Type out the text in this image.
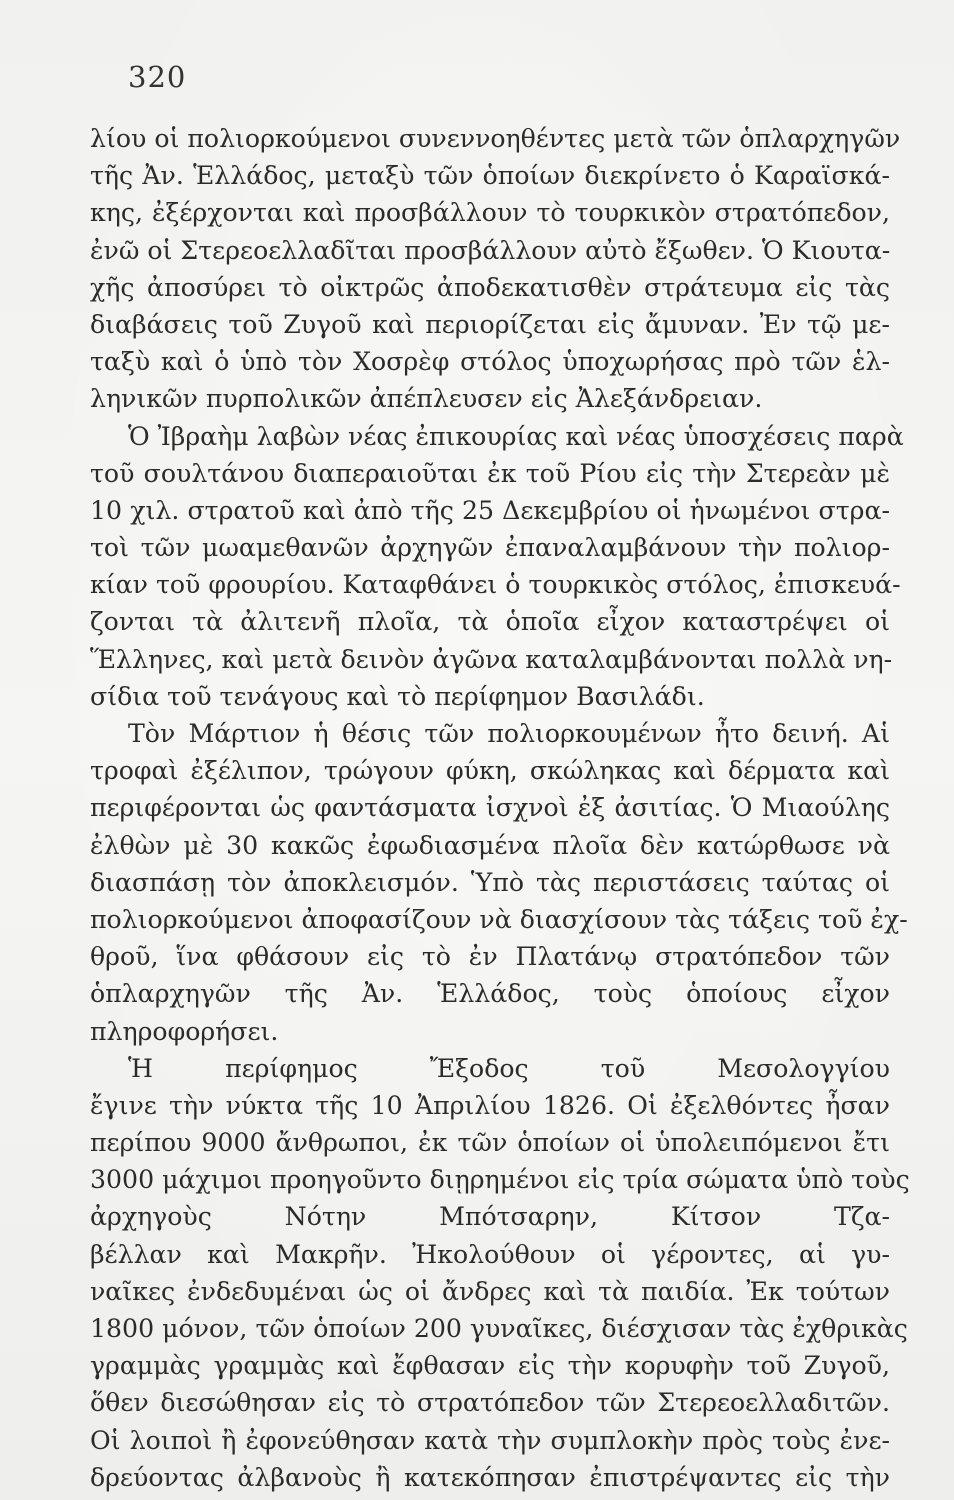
320
λίου οἱ πολιορκούμενοι συνεννοηθέντες μετὰ τῶν ὁπλαρχηγῶν
τῆς Ἀν. Ἑλλάδος, μεταξὺ τῶν ὁποίων διεκρίνετο ὁ Καραϊσκά-
κης, ἐξέρχονται καὶ προσβάλλουν τὸ τουρκικὸν στρατόπεδον,
ἐνῶ οἱ Στερεοελλαδῖται προσβάλλουν αὐτὸ ἔξωθεν. Ὁ Κιουτα-
χῆς ἀποσύρει τὸ οἰκτρῶς ἀποδεκατισθὲν στράτευμα εἰς τὰς
διαβάσεις τοῦ Ζυγοῦ καὶ περιορίζεται εἰς ἄμυναν. Ἐν τῷ με-
ταξὺ καὶ ὁ ὑπὸ τὸν Χοσρὲφ στόλος ὑποχωρήσας πρὸ τῶν ἑλ-
ληνικῶν πυρπολικῶν ἀπέπλευσεν εἰς Ἀλεξάνδρειαν.
Ὁ Ἰβραὴμ λαβὼν νέας ἐπικουρίας καὶ νέας ὑποσχέσεις παρὰ
τοῦ σουλτάνου διαπεραιοῦται ἐκ τοῦ Ρίου εἰς τὴν Στερεὰν μὲ
10 χιλ. στρατοῦ καὶ ἀπὸ τῆς 25 Δεκεμβρίου οἱ ἡνωμένοι στρα-
τοὶ τῶν μωαμεθανῶν ἀρχηγῶν ἐπαναλαμβάνουν τὴν πολιορ-
κίαν τοῦ φρουρίου. Καταφθάνει ὁ τουρκικὸς στόλος, ἐπισκευά-
ζονται τὰ ἀλιτενῆ πλοῖα, τὰ ὁποῖα εἶχον καταστρέψει οἱ
Ἕλληνες, καὶ μετὰ δεινὸν ἀγῶνα καταλαμβάνονται πολλὰ νη-
σίδια τοῦ τενάγους καὶ τὸ περίφημον Βασιλάδι.
Τὸν Μάρτιον ἡ θέσις τῶν πολιορκουμένων ἦτο δεινή. Αἱ
τροφαὶ ἐξέλιπον, τρώγουν φύκη, σκώληκας καὶ δέρματα καὶ
περιφέρονται ὡς φαντάσματα ἰσχνοὶ ἐξ ἀσιτίας. Ὁ Μιαούλης
ἐλθὼν μὲ 30 κακῶς ἐφωδιασμένα πλοῖα δὲν κατώρθωσε νὰ
διασπάσῃ τὸν ἀποκλεισμόν. Ὑπὸ τὰς περιστάσεις ταύτας οἱ
πολιορκούμενοι ἀποφασίζουν νὰ διασχίσουν τὰς τάξεις τοῦ ἐχ-
θροῦ, ἵνα φθάσουν εἰς τὸ ἐν Πλατάνῳ στρατόπεδον τῶν
ὁπλαρχηγῶν τῆς Ἀν. Ἑλλάδος, τοὺς ὁποίους εἶχον
πληροφορήσει.
Ἡ περίφημος Ἔξοδος τοῦ Μεσολογγίου
ἔγινε τὴν νύκτα τῆς 10 Ἀπριλίου 1826. Οἱ ἐξελθόντες ἦσαν
περίπου 9000 ἄνθρωποι, ἐκ τῶν ὁποίων οἱ ὑπολειπόμενοι ἔτι
3000 μάχιμοι προηγοῦντο διῃρημένοι εἰς τρία σώματα ὑπὸ τοὺς
ἀρχηγοὺς Νότην Μπότσαρην, Κίτσον Τζα-
βέλλαν καὶ Μακρῆν. Ἠκολούθουν οἱ γέροντες, αἱ γυ-
ναῖκες ἐνδεδυμέναι ὡς οἱ ἄνδρες καὶ τὰ παιδία. Ἐκ τούτων
1800 μόνον, τῶν ὁποίων 200 γυναῖκες, διέσχισαν τὰς ἐχθρικὰς
γραμμὰς γραμμὰς καὶ ἔφθασαν εἰς τὴν κορυφὴν τοῦ Ζυγοῦ,
ὅθεν διεσώθησαν εἰς τὸ στρατόπεδον τῶν Στερεοελλαδιτῶν.
Οἱ λοιποὶ ἢ ἐφονεύθησαν κατὰ τὴν συμπλοκὴν πρὸς τοὺς ἐνε-
δρεύοντας ἀλβανοὺς ἢ κατεκόπησαν ἐπιστρέψαντες εἰς τὴν
